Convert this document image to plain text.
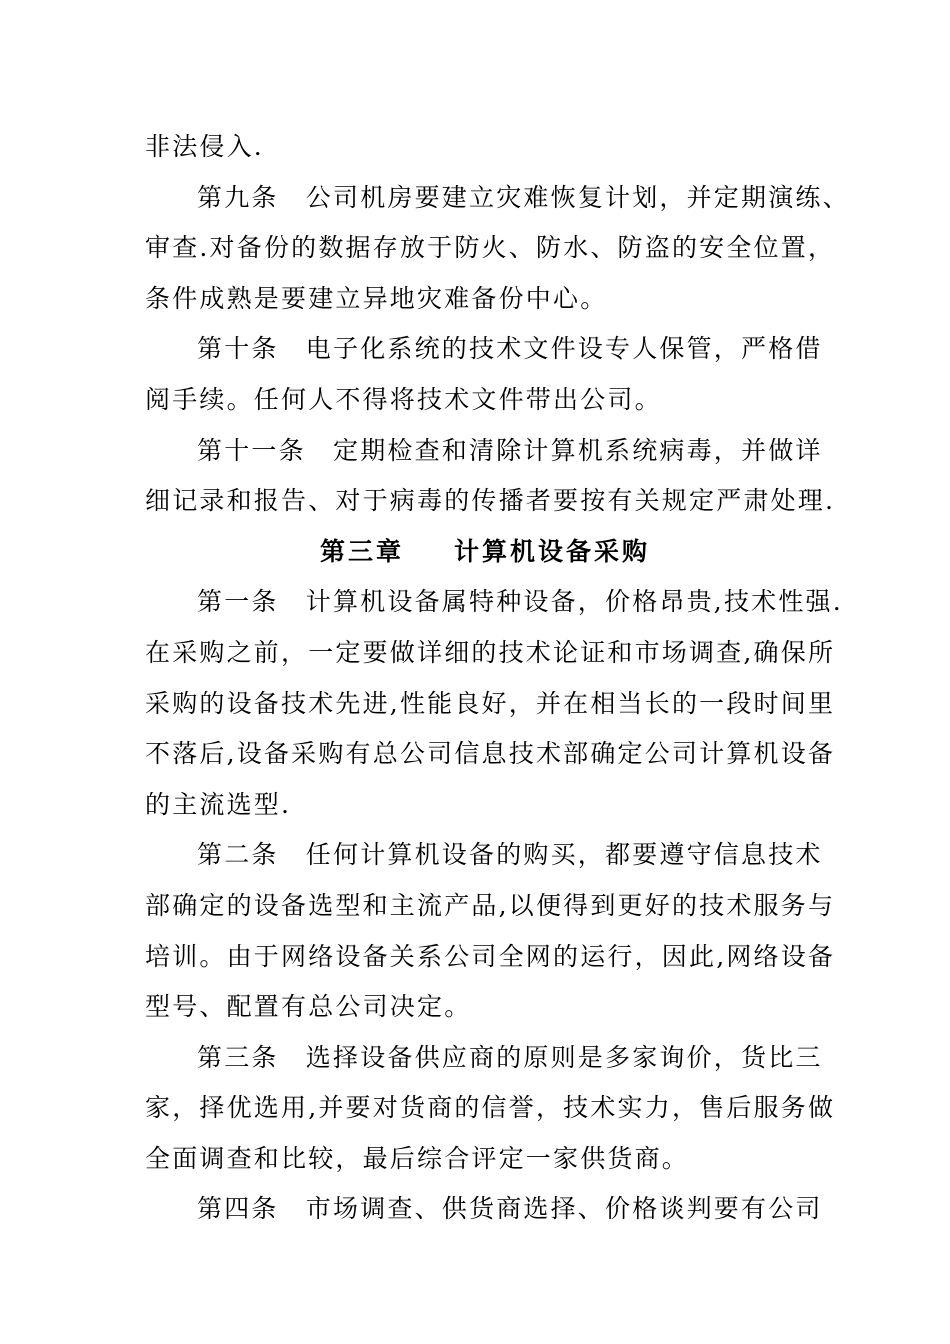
非法侵入.
第九条　公司机房要建立灾难恢复计划，并定期演练、
审查.对备份的数据存放于防火、防水、防盗的安全位置，
条件成熟是要建立异地灾难备份中心。
第十条　电子化系统的技术文件设专人保管，严格借
阅手续。任何人不得将技术文件带出公司。
第十一条　定期检查和清除计算机系统病毒，并做详
细记录和报告、对于病毒的传播者要按有关规定严肃处理.
第三章 计算机设备采购
第一条　计算机设备属特种设备，价格昂贵,技术性强.
在采购之前，一定要做详细的技术论证和市场调查,确保所
采购的设备技术先进,性能良好，并在相当长的一段时间里
不落后,设备采购有总公司信息技术部确定公司计算机设备
的主流选型.
第二条　任何计算机设备的购买，都要遵守信息技术
部确定的设备选型和主流产品,以便得到更好的技术服务与
培训。由于网络设备关系公司全网的运行，因此,网络设备
型号、配置有总公司决定。
第三条　选择设备供应商的原则是多家询价，货比三
家，择优选用,并要对货商的信誉，技术实力，售后服务做
全面调查和比较，最后综合评定一家供货商。
第四条　市场调查、供货商选择、价格谈判要有公司
